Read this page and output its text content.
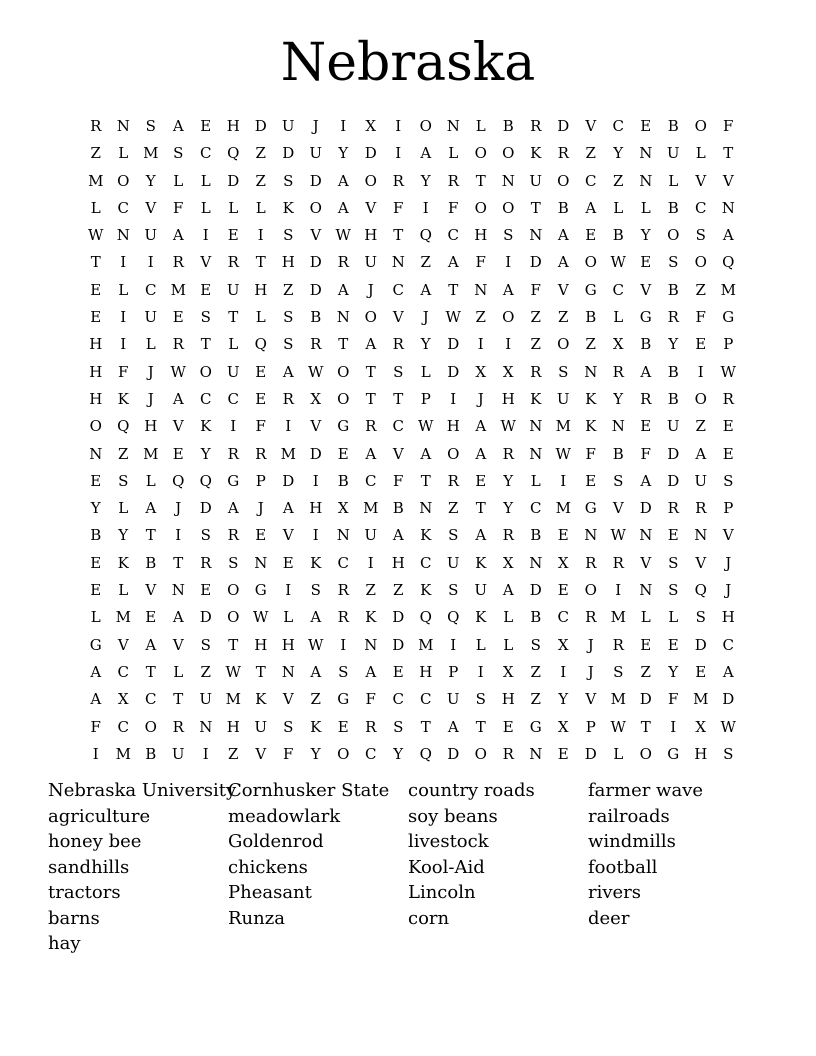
Nebraska
R	N	S	A	E	H D	U	J	I	X	I	O N	L	B	R	D	V	C	E	B	O	F
Z	L M S	C	Q	Z	D	U	Y	D	I	A	L	O	O	K	R	Z	Y	N U	L	T
M O	Y	L	L	D	Z	S	D	A	O	R	Y	R	T	N U	O	C	Z	N	L	V	V
L	C	V	F	L	L	L	K	O	A	V	F	I	F	O	O	T	B	A	L	L	B	C	N
W N U	A	I	E	I	S	V W H	T	Q	C	H	S	N	A	E	B	Y	O	S	A
T	I	I	R	V	R	T	H D	R	U N	Z	A	F	I	D	A	O W E	S	O	Q
E	L	C M E	U H	Z	D	A	J	C	A	T	N	A	F	V	G	C	V	B	Z M
E	I	U	E	S	T	L	S	B	N O	V	J	W Z	O	Z	Z	B	L	G	R	F	G
H	I	L	R	T	L	Q	S	R	T	A	R	Y	D	I	I	Z	O	Z	X	B	Y	E	P
H	F	J	W O	U	E	A W O	T	S	L	D	X	X	R	S	N	R	A	B	I	W
H	K	J	A	C	C	E	R	X	O	T	T	P	I	J	H	K	U	K	Y	R	B	O	R
O	Q H	V	K	I	F	I	V	G	R	C W H	A W N M K	N	E	U	Z	E
N	Z M E	Y	R	R M D	E	A	V	A	O	A	R	N W F	B	F	D	A	E
E	S	L	Q	Q	G	P	D	I	B	C	F	T	R	E	Y	L	I	E	S	A	D	U	S
Y	L	A	J	D	A	J	A	H	X M B	N	Z	T	Y	C M G	V	D	R	R	P
B	Y	T	I	S	R	E	V	I	N U	A	K	S	A	R	B	E	N W N	E	N	V
E	K	B	T	R	S	N	E	K	C	I	H	C	U	K	X	N	X	R	R	V	S	V	J
E	L	V	N	E	O	G	I	S	R	Z	Z	K	S	U	A	D	E	O	I	N	S	Q	J
L M E	A	D	O W L	A	R	K	D	Q	Q	K	L	B	C	R M L	L	S	H
G	V	A	V	S	T	H H W	I	N D M	I	L	L	S	X	J	R	E	E	D	C
A	C	T	L	Z W T	N	A	S	A	E	H	P	I	X	Z	I	J	S	Z	Y	E	A
A	X	C	T	U M K	V	Z	G	F	C	C	U	S	H	Z	Y	V M D	F M D
F	C	O	R	N H U	S	K	E	R	S	T	A	T	E	G	X	P W T	I	X W
I	M B	U	I	Z	V	F	Y	O	C	Y	Q	D	O	R	N	E	D	L	O	G H	S
Nebraska University
Cornhusker State	country roads	farmer wave
agriculture	meadowlark	soy beans	railroads
honey bee	Goldenrod	livestock	windmills
sandhills	chickens	Kool-Aid	football
tractors	Pheasant	Lincoln	rivers
barns	Runza	corn	deer
hay
